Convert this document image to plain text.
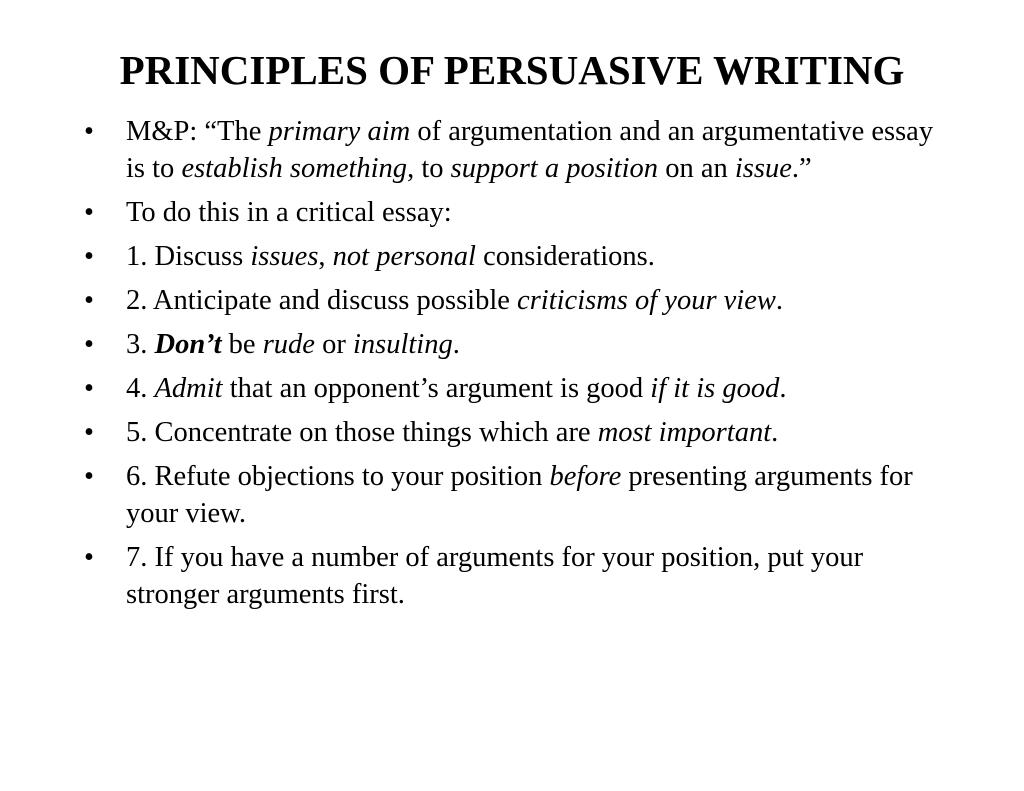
PRINCIPLES OF PERSUASIVE WRITING
•	M&P: “The primary aim of argumentation and an argumentative essay is to establish something, to support a position on an issue.”
•	To do this in a critical essay:
•	1. Discuss issues, not personal considerations.
•	2. Anticipate and discuss possible criticisms of your view.
•	3. Don’t be rude or insulting.
•	4. Admit that an opponent’s argument is good if it is good.
•	5. Concentrate on those things which are most important.
•	6. Refute objections to your position before presenting arguments for your view.
•	7. If you have a number of arguments for your position, put your stronger arguments first.
